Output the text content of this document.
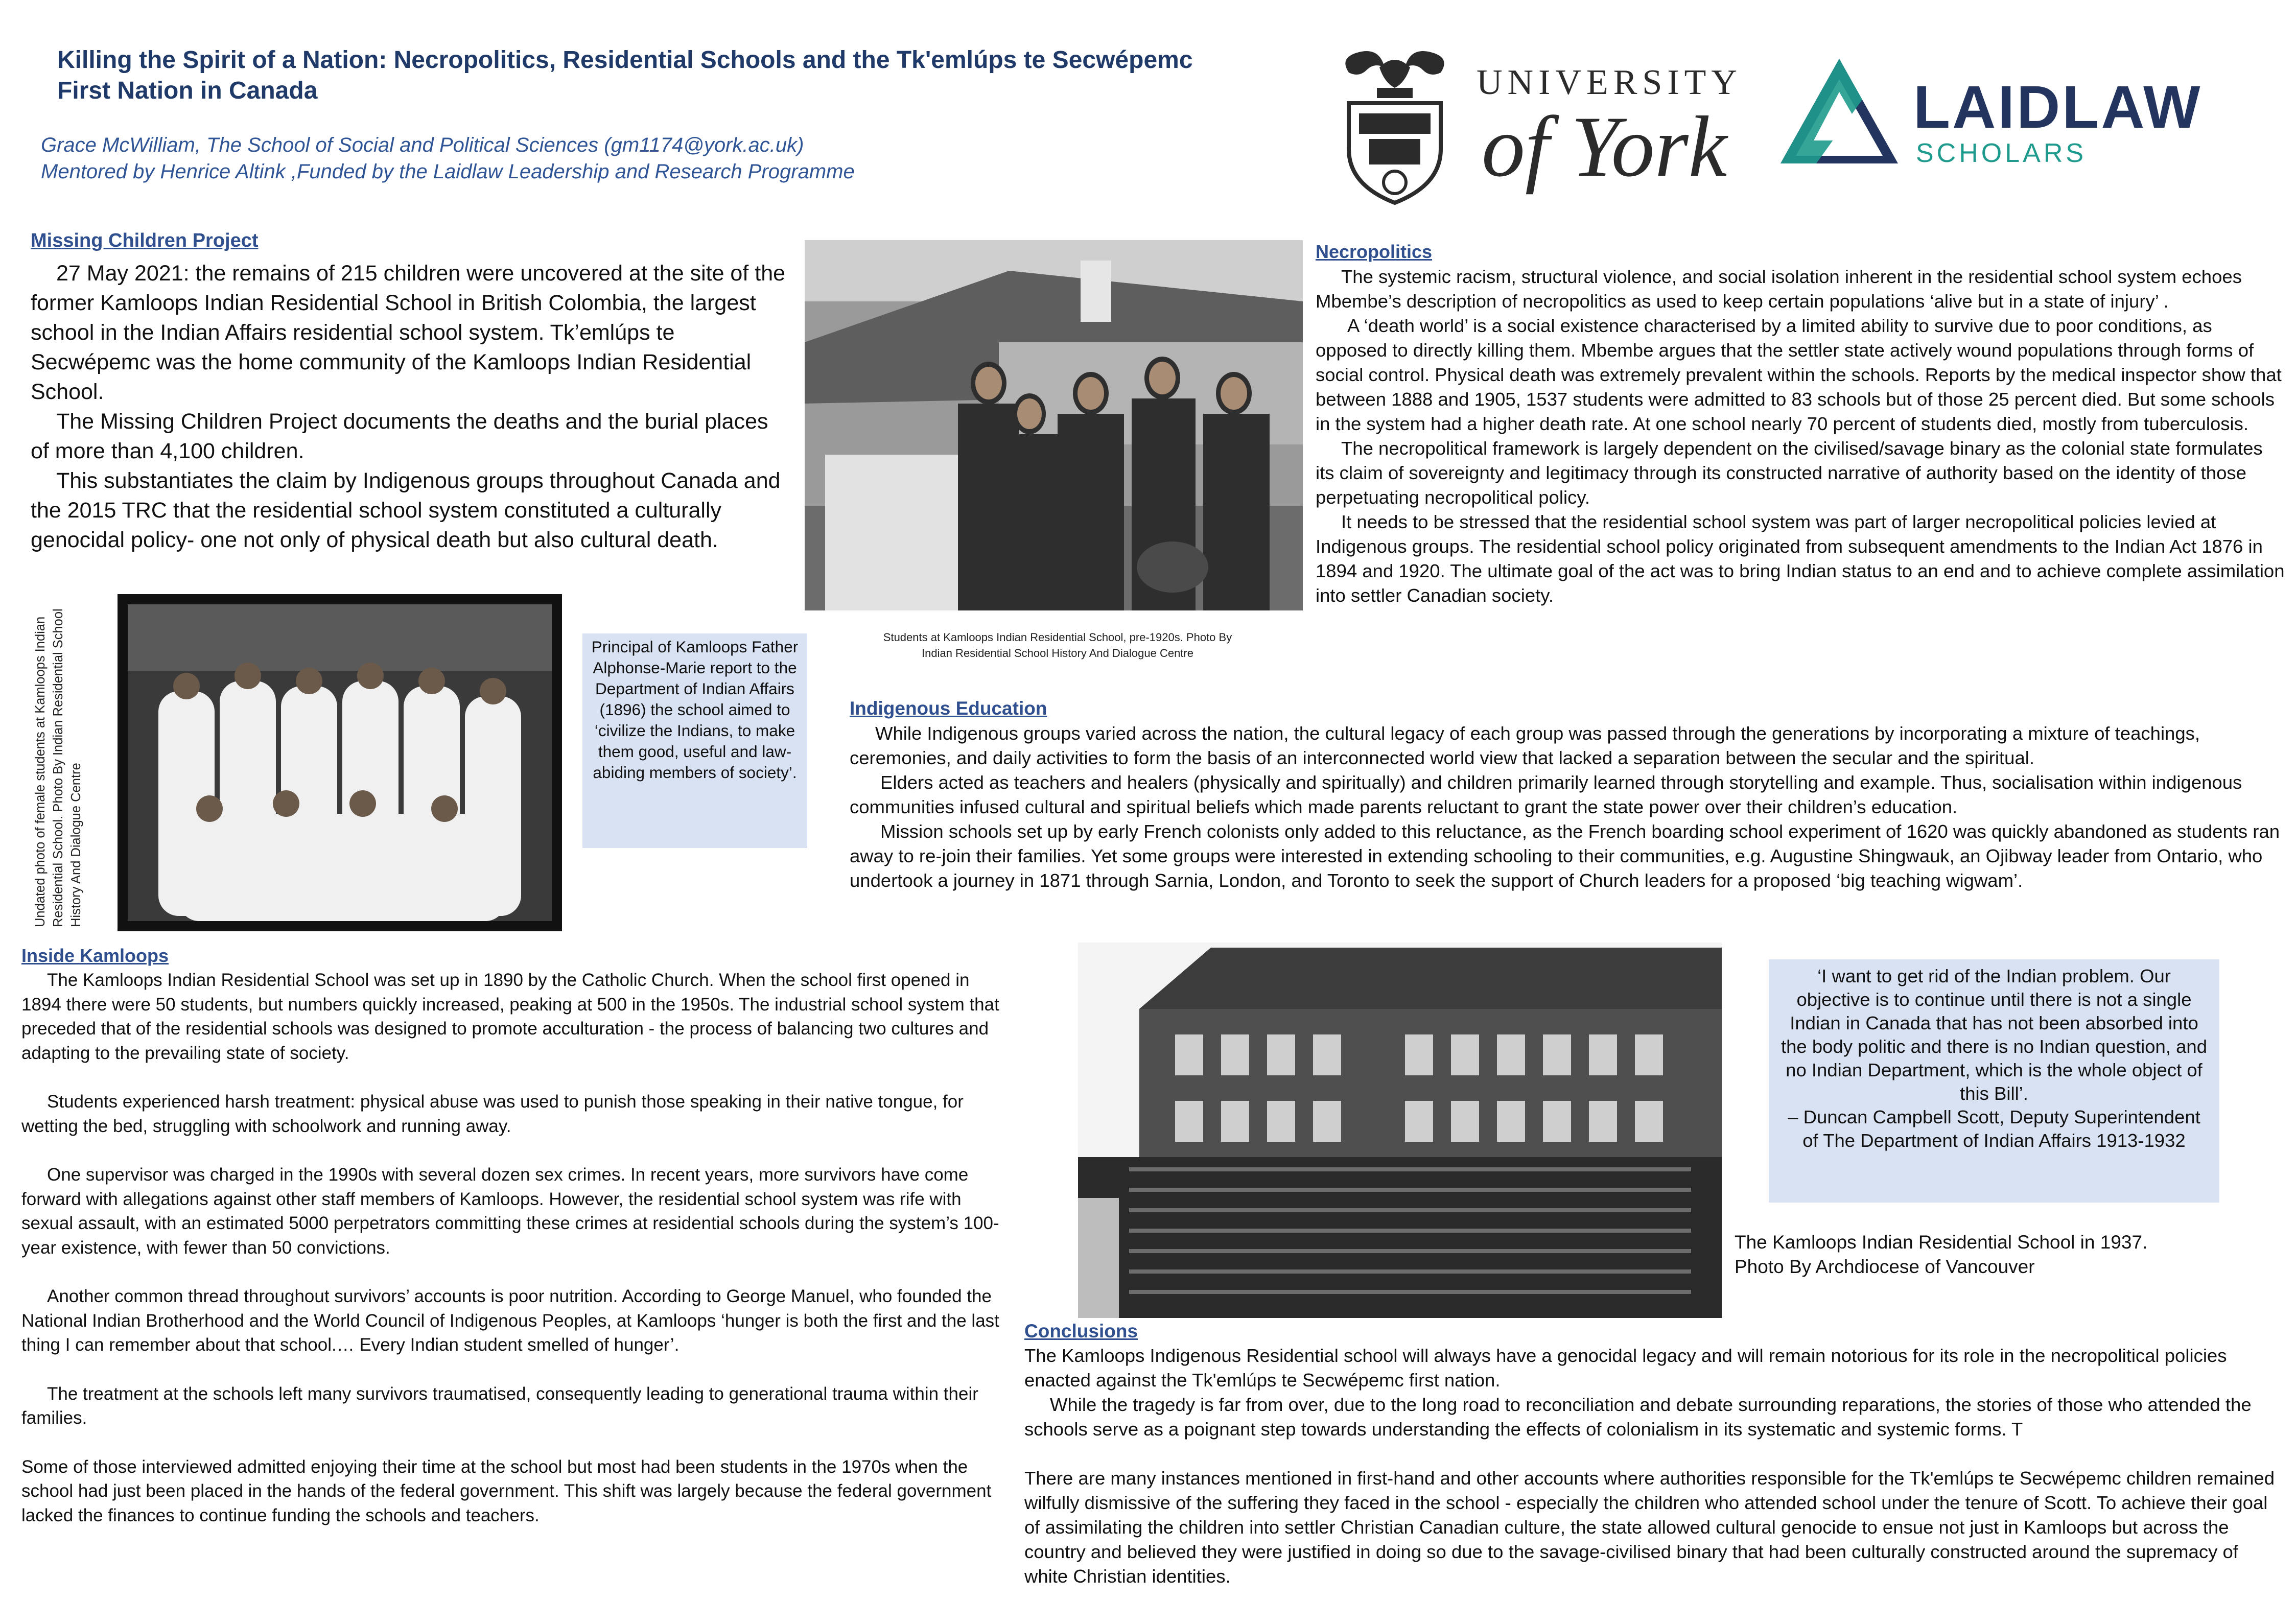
Killing the Spirit of a Nation: Necropolitics, Residential Schools and the Tk'emlúps te Secwépemc
First Nation in Canada
Grace McWilliam, The School of Social and Political Sciences (gm1174@york.ac.uk)
Mentored by Henrice Altink ,Funded by the Laidlaw Leadership and Research Programme
UNIVERSITY
of York	LAIDLAW
SCHOLARS
Missing Children Project

27 May 2021: the remains of 215 children were uncovered at the site of the former Kamloops Indian Residential School in British Colombia, the largest school in the Indian Affairs residential school system. Tk’emlúps te Secwépemc was the home community of the Kamloops Indian Residential School.

The Missing Children Project documents the deaths and the burial places of more than 4,100 children.

This substantiates the claim by Indigenous groups throughout Canada and the 2015 TRC that the residential school system constituted a culturally genocidal policy- one not only of physical death but also cultural death.

Students at Kamloops Indian Residential School, pre-1920s. Photo By Indian Residential School History And Dialogue Centre
Undated photo of female students at Kamloops Indian Residential School. Photo By Indian Residential School History And Dialogue Centre
Principal of Kamloops Father Alphonse-Marie report to the Department of Indian Affairs (1896) the school aimed to ‘civilize the Indians, to make them good, useful and law-abiding members of society’.
Necropolitics

The systemic racism, structural violence, and social isolation inherent in the residential school system echoes Mbembe’s description of necropolitics as used to keep certain populations ‘alive but in a state of injury’ .

A ‘death world’ is a social existence characterised by a limited ability to survive due to poor conditions, as opposed to directly killing them. Mbembe argues that the settler state actively wound populations through forms of social control. Physical death was extremely prevalent within the schools. Reports by the medical inspector show that between 1888 and 1905, 1537 students were admitted to 83 schools but of those 25 percent died. But some schools in the system had a higher death rate. At one school nearly 70 percent of students died, mostly from tuberculosis.

The necropolitical framework is largely dependent on the civilised/savage binary as the colonial state formulates its claim of sovereignty and legitimacy through its constructed narrative of authority based on the identity of those perpetuating necropolitical policy.

It needs to be stressed that the residential school system was part of larger necropolitical policies levied at Indigenous groups. The residential school policy originated from subsequent amendments to the Indian Act 1876 in 1894 and 1920. The ultimate goal of the act was to bring Indian status to an end and to achieve complete assimilation into settler Canadian society.

Indigenous Education

While Indigenous groups varied across the nation, the cultural legacy of each group was passed through the generations by incorporating a mixture of teachings, ceremonies, and daily activities to form the basis of an interconnected world view that lacked a separation between the secular and the spiritual.

Elders acted as teachers and healers (physically and spiritually) and children primarily learned through storytelling and example. Thus, socialisation within indigenous communities infused cultural and spiritual beliefs which made parents reluctant to grant the state power over their children’s education.

Mission schools set up by early French colonists only added to this reluctance, as the French boarding school experiment of 1620 was quickly abandoned as students ran away to re-join their families. Yet some groups were interested in extending schooling to their communities, e.g. Augustine Shingwauk, an Ojibway leader from Ontario, who undertook a journey in 1871 through Sarnia, London, and Toronto to seek the support of Church leaders for a proposed ‘big teaching wigwam’.

Inside Kamloops

The Kamloops Indian Residential School was set up in 1890 by the Catholic Church. When the school first opened in 1894 there were 50 students, but numbers quickly increased, peaking at 500 in the 1950s. The industrial school system that preceded that of the residential schools was designed to promote acculturation - the process of balancing two cultures and adapting to the prevailing state of society.

Students experienced harsh treatment: physical abuse was used to punish those speaking in their native tongue, for wetting the bed, struggling with schoolwork and running away.

One supervisor was charged in the 1990s with several dozen sex crimes. In recent years, more survivors have come forward with allegations against other staff members of Kamloops. However, the residential school system was rife with sexual assault, with an estimated 5000 perpetrators committing these crimes at residential schools during the system’s 100-year existence, with fewer than 50 convictions.

Another common thread throughout survivors’ accounts is poor nutrition. According to George Manuel, who founded the National Indian Brotherhood and the World Council of Indigenous Peoples, at Kamloops ‘hunger is both the first and the last thing I can remember about that school.… Every Indian student smelled of hunger’.

The treatment at the schools left many survivors traumatised, consequently leading to generational trauma within their families.

Some of those interviewed admitted enjoying their time at the school but most had been students in the 1970s when the school had just been placed in the hands of the federal government. This shift was largely because the federal government lacked the finances to continue funding the schools and teachers.

The Kamloops Indian Residential School in 1937.
Photo By Archdiocese of Vancouver
‘I want to get rid of the Indian problem. Our objective is to continue until there is not a single Indian in Canada that has not been absorbed into the body politic and there is no Indian question, and no Indian Department, which is the whole object of this Bill’.
– Duncan Campbell Scott, Deputy Superintendent of The Department of Indian Affairs 1913-1932
Conclusions

The Kamloops Indigenous Residential school will always have a genocidal legacy and will remain notorious for its role in the necropolitical policies enacted against the Tk'emlúps te Secwépemc first nation.

While the tragedy is far from over, due to the long road to reconciliation and debate surrounding reparations, the stories of those who attended the schools serve as a poignant step towards understanding the effects of colonialism in its systematic and systemic forms. T

There are many instances mentioned in first-hand and other accounts where authorities responsible for the Tk'emlúps te Secwépemc children remained wilfully dismissive of the suffering they faced in the school - especially the children who attended school under the tenure of Scott. To achieve their goal of assimilating the children into settler Christian Canadian culture, the state allowed cultural genocide to ensue not just in Kamloops but across the country and believed they were justified in doing so due to the savage-civilised binary that had been culturally constructed around the supremacy of white Christian identities.
